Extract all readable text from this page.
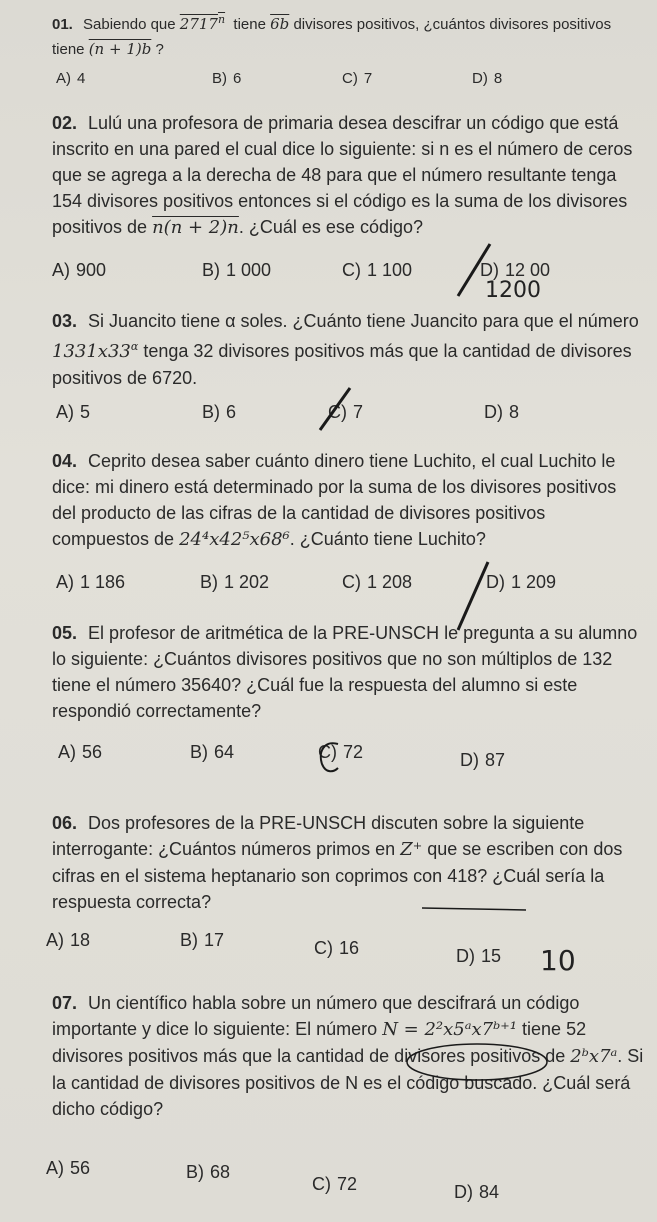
01. Sabiendo que 2717$^n$ tiene 6b divisores positivos, ¿cuántos divisores positivos tiene (n + 1)b ?

A) 4	B) 6	C) 7	D) 8

02. Lulú una profesora de primaria desea descifrar un código que está inscrito en una pared el cual dice lo siguiente: si n es el número de ceros que se agrega a la derecha de 48 para que el número resultante tenga 154 divisores positivos entonces si el código es la suma de los divisores positivos de n(n + 2)n. ¿Cuál es ese código?

A) 900	B) 1 000	C) 1 100	D) 12 00
1200

03. Si Juancito tiene α soles. ¿Cuánto tiene Juancito para que el número $1331x33^\alpha$ tenga 32 divisores positivos más que la cantidad de divisores positivos de 6720.

A) 5	B) 6	C) 7	D) 8

04. Ceprito desea saber cuánto dinero tiene Luchito, el cual Luchito le dice: mi dinero está determinado por la suma de los divisores positivos del producto de las cifras de la cantidad de divisores positivos compuestos de 24⁴x42⁵x68⁶. ¿Cuánto tiene Luchito?

A) 1 186	B) 1 202	C) 1 208	D) 1 209

05. El profesor de aritmética de la PRE-UNSCH le pregunta a su alumno lo siguiente: ¿Cuántos divisores positivos que no son múltiplos de 132 tiene el número 35640? ¿Cuál fue la respuesta del alumno si este respondió correctamente?

A) 56	B) 64	C) 72	D) 87

06. Dos profesores de la PRE-UNSCH discuten sobre la siguiente interrogante: ¿Cuántos números primos en Z⁺ que se escriben con dos cifras en el sistema heptanario son coprimos con 418? ¿Cuál sería la respuesta correcta?

A) 18	B) 17	C) 16	D) 15 10

07. Un científico habla sobre un número que descifrará un código importante y dice lo siguiente: El número N = 2²x5ᵃx7ᵇ⁺¹ tiene 52 divisores positivos más que la cantidad de divisores positivos de 2ᵇx7ᵃ. Si la cantidad de divisores positivos de N es el código buscado. ¿Cuál será dicho código?

A) 56	B) 68
C) 72	D) 84
